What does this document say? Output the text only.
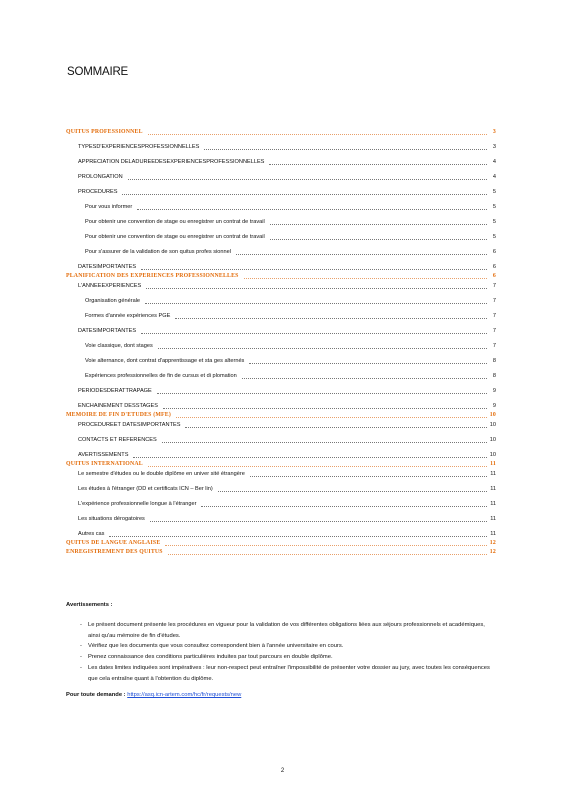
SOMMAIRE
QUITUS PROFESSIONNEL	3
TYPESD'EXPERIENCESPROFESSIONNELLES	3
APPRECIATION DELADUREEDESEXPERIENCESPROFESSIONNELLES	4
PROLONGATION	4
PROCEDURES	5
Pour vous informer	5
Pour obtenir une convention de stage ou enregistrer un contrat de travail	5
Pour obtenir une convention de stage ou enregistrer un contrat de travail	5
Pour s'assurer de la validation de son quitus profes sionnel	6
DATESIMPORTANTES	6
PLANIFICATION DES EXPERIENCES PROFESSIONNELLES	6
L'ANNEEEXPERIENCES	7
Organisation générale	7
Formes d'année expériences PGE	7
DATESIMPORTANTES	7
Voie classique, dont stages	7
Voie alternance, dont contrat d'apprentissage et sta ges alternés	8
Expériences professionnelles de fin de cursus et di plomation	8
PERIODESDERATTRAPAGE	9
ENCHAINEMENT DESSTAGES	9
MEMOIRE DE FIN D'ETUDES (MFE)	10
PROCEDUREET DATESIMPORTANTES	10
CONTACTS ET REFERENCES	10
AVERTISSEMENTS	10
QUITUS INTERNATIONAL	11
Le semestre d'études ou le double diplôme en univer sité étrangère	11
Les études à l'étranger (DD et certificats ICN – Ber lin)	11
L'expérience professionnelle longue à l'étranger	11
Les situations dérogatoires	11
Autres cas	11
QUITUS DE LANGUE ANGLAISE	12
ENREGISTREMENT DES QUITUS	12
Avertissements :
- Le présent document présente les procédures en vigueur pour la validation de vos différentes obligations liées aux séjours professionnels et académiques, ainsi qu'au mémoire de fin d'études.
- Vérifiez que les documents que vous consultez correspondent bien à l'année universitaire en cours.
- Prenez connaissance des conditions particulières induites par tout parcours en double diplôme.
- Les dates limites indiquées sont impératives : leur non-respect peut entraîner l'impossibilité de présenter votre dossier au jury, avec toutes les conséquences que cela entraîne quant à l'obtention du diplôme.
Pour toute demande : https://asq.icn-artem.com/hc/fr/requests/new
2
